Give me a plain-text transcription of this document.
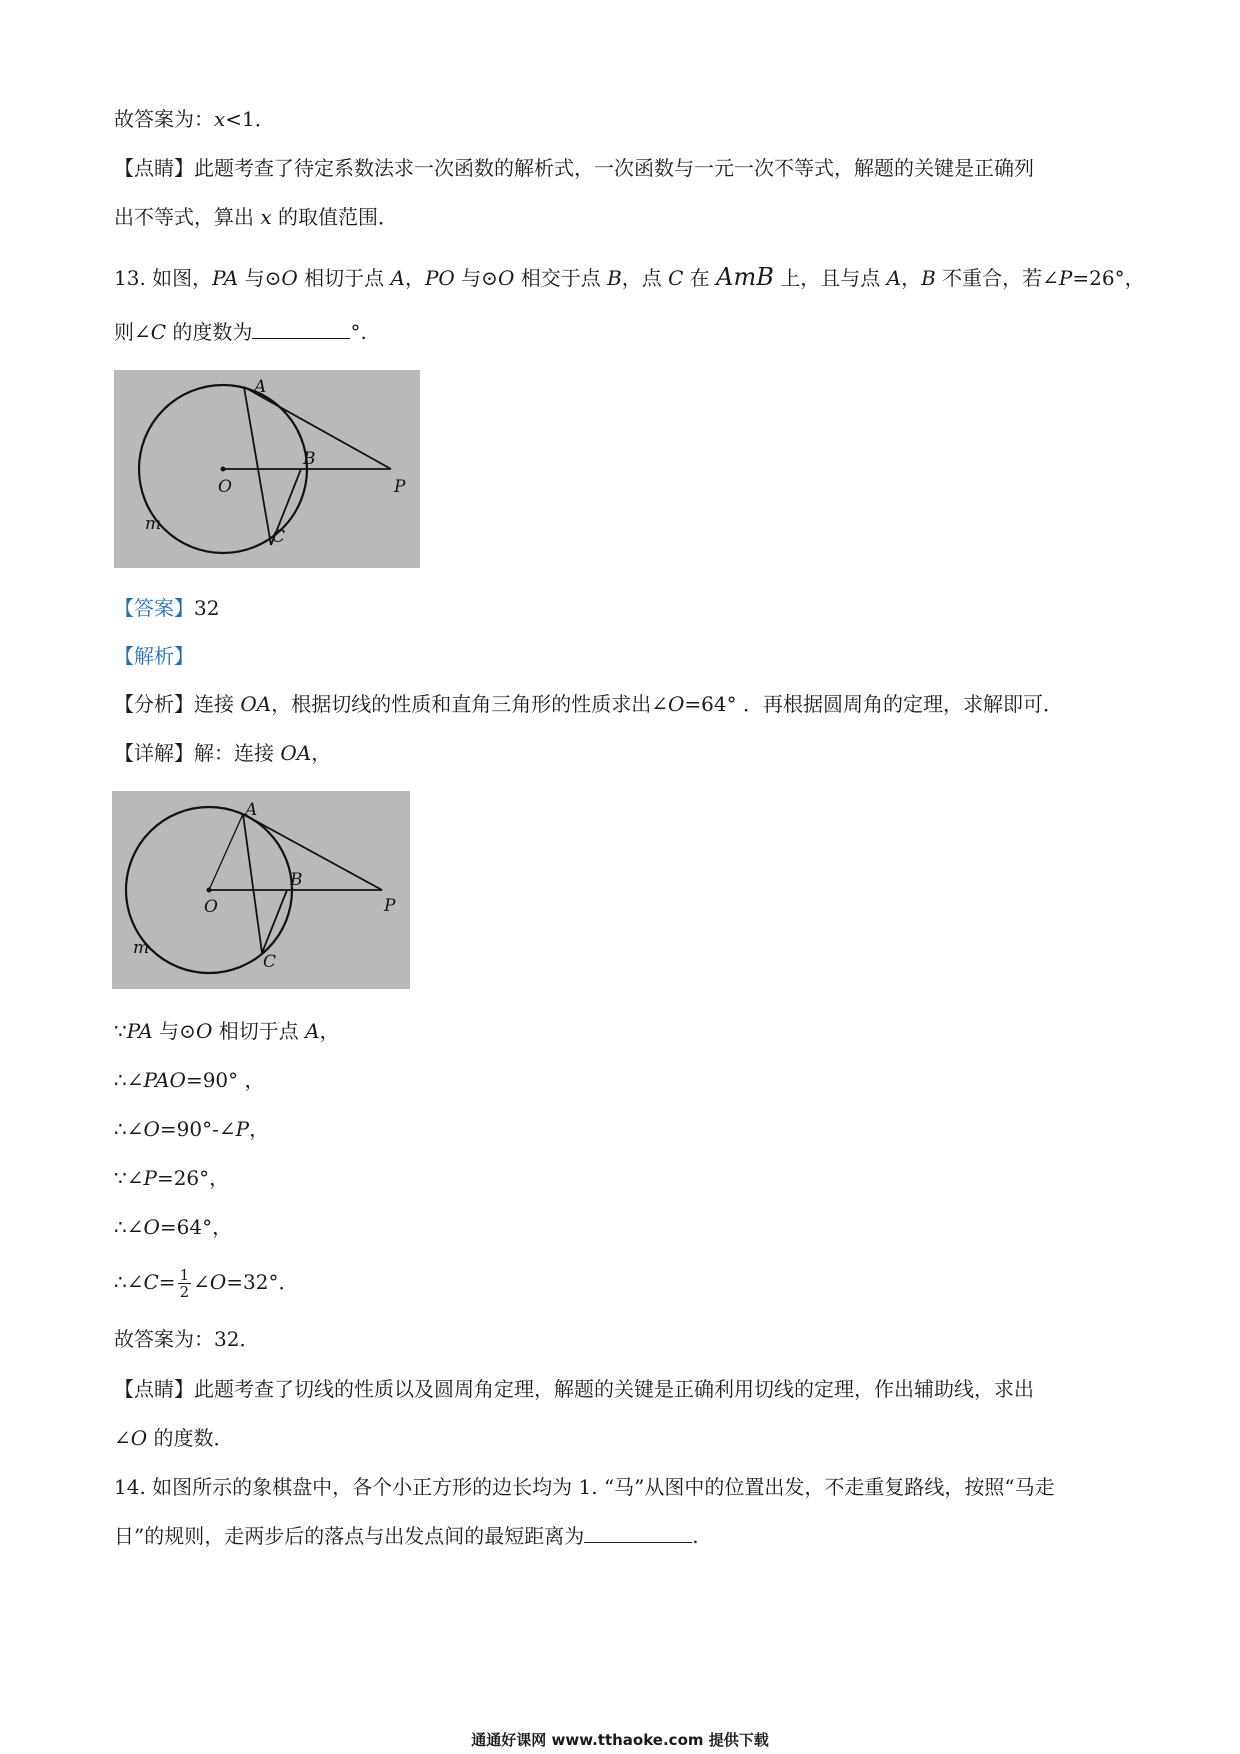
故答案为：x<1．
【点睛】此题考查了待定系数法求一次函数的解析式，一次函数与一元一次不等式，解题的关键是正确列
出不等式，算出 x 的取值范围．
13. 如图，PA 与⊙O 相切于点 A，PO 与⊙O 相交于点 B，点 C 在 AmB 上，且与点 A，B 不重合，若∠P=26°，
则∠C 的度数为	°.
A
B
O	P
C
m
【答案】32
【解析】
【分析】连接 OA，根据切线的性质和直角三角形的性质求出∠O=64° ．再根据圆周角的定理，求解即可．
【详解】解：连接 OA，
A
B
O	P
C
m
∵PA 与⊙O 相切于点 A，
∴∠PAO=90° ，
∴∠O=90°-∠P，
∵∠P=26°，
∴∠O=64°，
∴∠C= $\frac{1}{2}$ ∠O=32°．
故答案为：32．
【点睛】此题考查了切线的性质以及圆周角定理，解题的关键是正确利用切线的定理，作出辅助线，求出
∠O 的度数．
14. 如图所示的象棋盘中，各个小正方形的边长均为 1. “马”从图中的位置出发，不走重复路线，按照“马走
日”的规则，走两步后的落点与出发点间的最短距离为	.
通通好课网 www.tthaoke.com 提供下载
